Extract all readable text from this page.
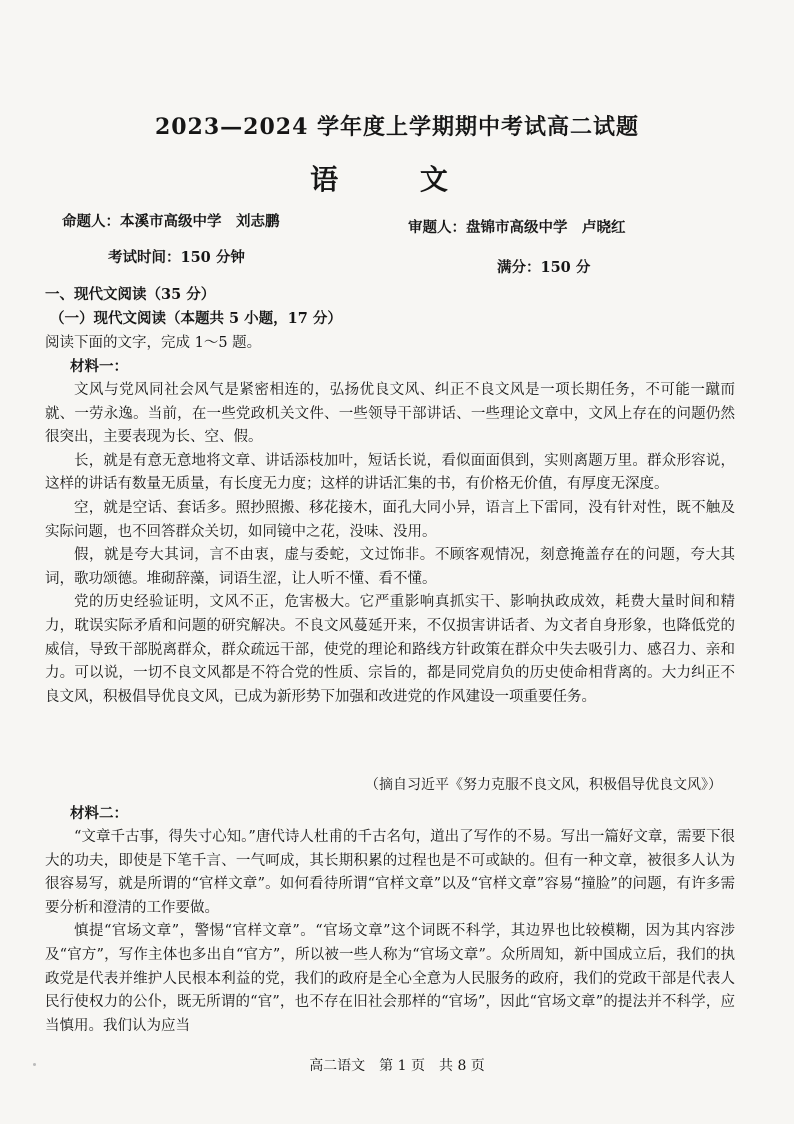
2023—2024 学年度上学期期中考试高二试题
语 文
命题人：本溪市高级中学　刘志鹏	审题人：盘锦市高级中学　卢晓红
考试时间：150 分钟
满分：150 分
一、现代文阅读（35 分）
（一）现代文阅读（本题共 5 小题，17 分）
阅读下面的文字，完成 1～5 题。
材料一：

文风与党风同社会风气是紧密相连的，弘扬优良文风、纠正不良文风是一项长期任务，不可能一蹴而就、一劳永逸。当前，在一些党政机关文件、一些领导干部讲话、一些理论文章中，文风上存在的问题仍然很突出，主要表现为长、空、假。

长，就是有意无意地将文章、讲话添枝加叶，短话长说，看似面面俱到，实则离题万里。群众形容说，这样的讲话有数量无质量，有长度无力度；这样的讲话汇集的书，有价格无价值，有厚度无深度。

空，就是空话、套话多。照抄照搬、移花接木，面孔大同小异，语言上下雷同，没有针对性，既不触及实际问题，也不回答群众关切，如同镜中之花，没味、没用。

假，就是夸大其词，言不由衷，虚与委蛇，文过饰非。不顾客观情况，刻意掩盖存在的问题，夸大其词，歌功颂德。堆砌辞藻，词语生涩，让人听不懂、看不懂。

党的历史经验证明，文风不正，危害极大。它严重影响真抓实干、影响执政成效，耗费大量时间和精力，耽误实际矛盾和问题的研究解决。不良文风蔓延开来，不仅损害讲话者、为文者自身形象，也降低党的威信，导致干部脱离群众，群众疏远干部，使党的理论和路线方针政策在群众中失去吸引力、感召力、亲和力。可以说，一切不良文风都是不符合党的性质、宗旨的，都是同党肩负的历史使命相背离的。大力纠正不良文风，积极倡导优良文风，已成为新形势下加强和改进党的作风建设一项重要任务。

（摘自习近平《努力克服不良文风，积极倡导优良文风》）
材料二：

“文章千古事，得失寸心知。”唐代诗人杜甫的千古名句，道出了写作的不易。写出一篇好文章，需要下很大的功夫，即使是下笔千言、一气呵成，其长期积累的过程也是不可或缺的。但有一种文章，被很多人认为很容易写，就是所谓的“官样文章”。如何看待所谓“官样文章”以及“官样文章”容易“撞脸”的问题，有许多需要分析和澄清的工作要做。

慎提“官场文章”，警惕“官样文章”。“官场文章”这个词既不科学，其边界也比较模糊，因为其内容涉及“官方”，写作主体也多出自“官方”，所以被一些人称为“官场文章”。众所周知，新中国成立后，我们的执政党是代表并维护人民根本利益的党，我们的政府是全心全意为人民服务的政府，我们的党政干部是代表人民行使权力的公仆，既无所谓的“官”，也不存在旧社会那样的“官场”，因此“官场文章”的提法并不科学，应当慎用。我们认为应当

高二语文　第 1 页　共 8 页
